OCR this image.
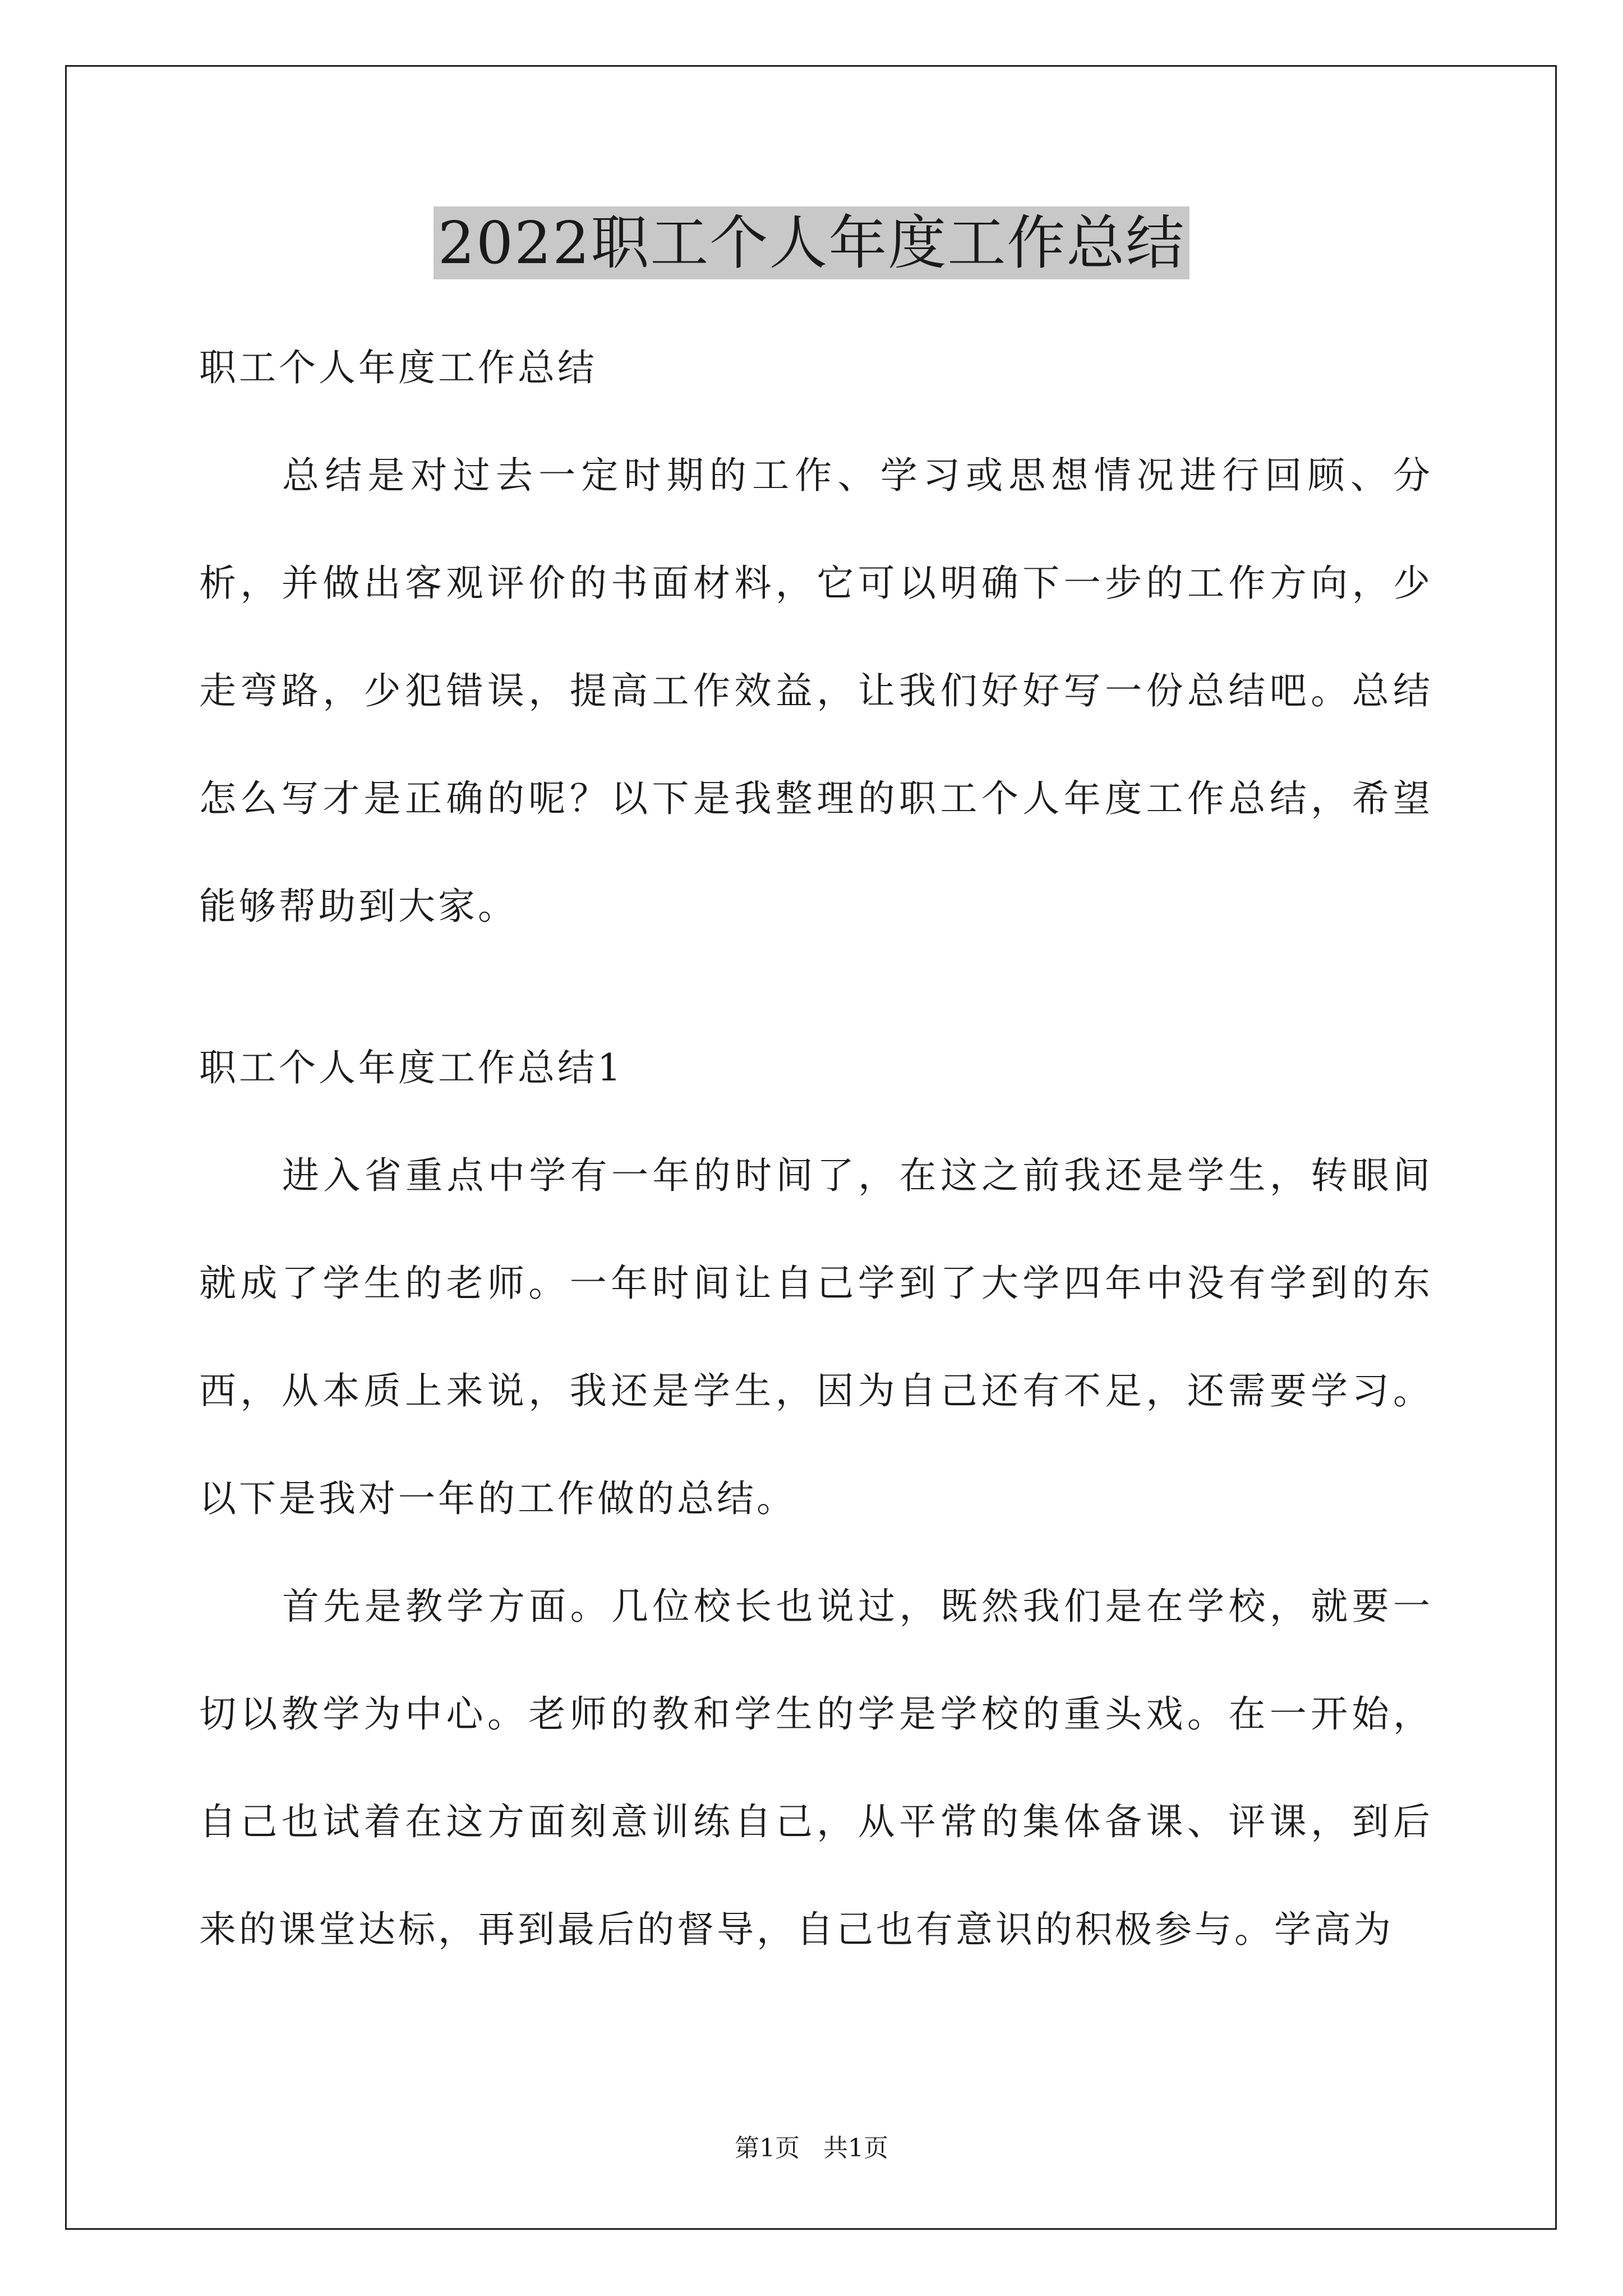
2022职工个人年度工作总结

职工个人年度工作总结

总结是对过去一定时期的工作、学习或思想情况进行回顾、分析，并做出客观评价的书面材料，它可以明确下一步的工作方向，少走弯路，少犯错误，提高工作效益，让我们好好写一份总结吧。总结怎么写才是正确的呢？以下是我整理的职工个人年度工作总结，希望能够帮助到大家。

职工个人年度工作总结1

进入省重点中学有一年的时间了，在这之前我还是学生，转眼间就成了学生的老师。一年时间让自己学到了大学四年中没有学到的东西，从本质上来说，我还是学生，因为自己还有不足，还需要学习。以下是我对一年的工作做的总结。

首先是教学方面。几位校长也说过，既然我们是在学校，就要一切以教学为中心。老师的教和学生的学是学校的重头戏。在一开始，自己也试着在这方面刻意训练自己，从平常的集体备课、评课，到后来的课堂达标，再到最后的督导，自己也有意识的积极参与。学高为

第1页   共1页
